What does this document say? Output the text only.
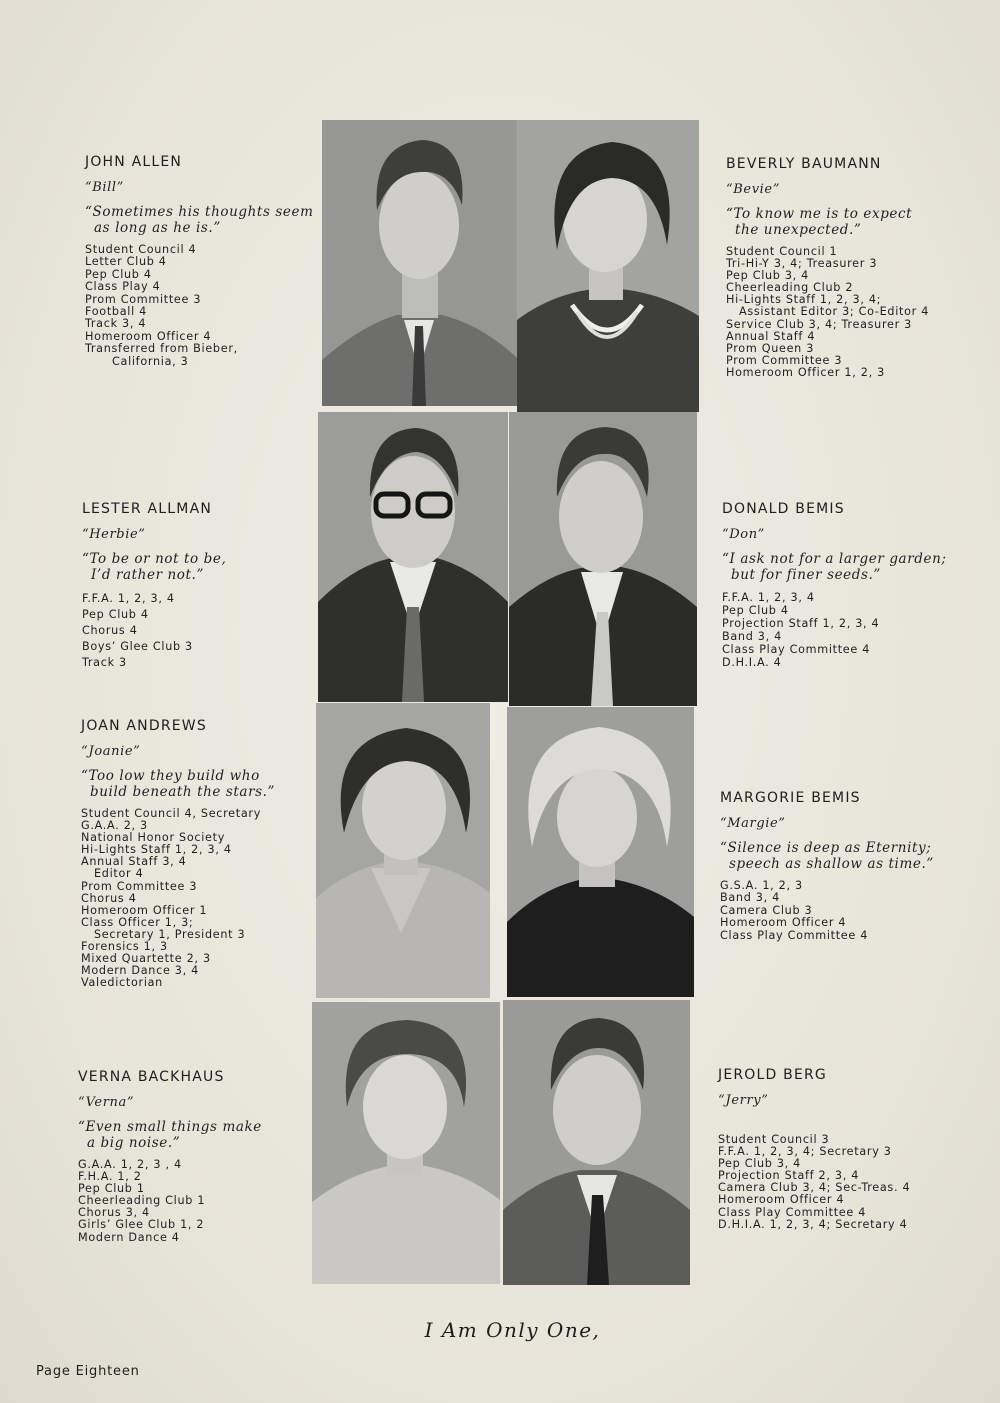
JOHN ALLEN
“Bill”
“Sometimes his thoughts seem
as long as he is.”
Student Council 4
Letter Club 4
Pep Club 4
Class Play 4
Prom Committee 3
Football 4
Track 3, 4
Homeroom Officer 4
Transferred from Bieber,
California, 3
LESTER ALLMAN
“Herbie”
“To be or not to be,
I’d rather not.”
F.F.A. 1, 2, 3, 4
Pep Club 4
Chorus 4
Boys’ Glee Club 3
Track 3
JOAN ANDREWS
“Joanie”
“Too low they build who
build beneath the stars.”
Student Council 4, Secretary
G.A.A. 2, 3
National Honor Society
Hi-Lights Staff 1, 2, 3, 4
Annual Staff 3, 4
Editor 4
Prom Committee 3
Chorus 4
Homeroom Officer 1
Class Officer 1, 3;
Secretary 1, President 3
Forensics 1, 3
Mixed Quartette 2, 3
Modern Dance 3, 4
Valedictorian
VERNA BACKHAUS
“Verna”
“Even small things make
a big noise.”
G.A.A. 1, 2, 3 , 4
F.H.A. 1, 2
Pep Club 1
Cheerleading Club 1
Chorus 3, 4
Girls’ Glee Club 1, 2
Modern Dance 4
BEVERLY BAUMANN
“Bevie”
“To know me is to expect
the unexpected.”
Student Council 1
Tri-Hi-Y 3, 4; Treasurer 3
Pep Club 3, 4
Cheerleading Club 2
Hi-Lights Staff 1, 2, 3, 4;
Assistant Editor 3; Co-Editor 4
Service Club 3, 4; Treasurer 3
Annual Staff 4
Prom Queen 3
Prom Committee 3
Homeroom Officer 1, 2, 3
DONALD BEMIS
“Don”
“I ask not for a larger garden;
but for finer seeds.”
F.F.A. 1, 2, 3, 4
Pep Club 4
Projection Staff 1, 2, 3, 4
Band 3, 4
Class Play Committee 4
D.H.I.A. 4
MARGORIE BEMIS
“Margie”
“Silence is deep as Eternity;
speech as shallow as time.”
G.S.A. 1, 2, 3
Band 3, 4
Camera Club 3
Homeroom Officer 4
Class Play Committee 4
JEROLD BERG
“Jerry”
Student Council 3
F.F.A. 1, 2, 3, 4; Secretary 3
Pep Club 3, 4
Projection Staff 2, 3, 4
Camera Club 3, 4; Sec-Treas. 4
Homeroom Officer 4
Class Play Committee 4
D.H.I.A. 1, 2, 3, 4; Secretary 4
I Am Only One,
Page Eighteen
